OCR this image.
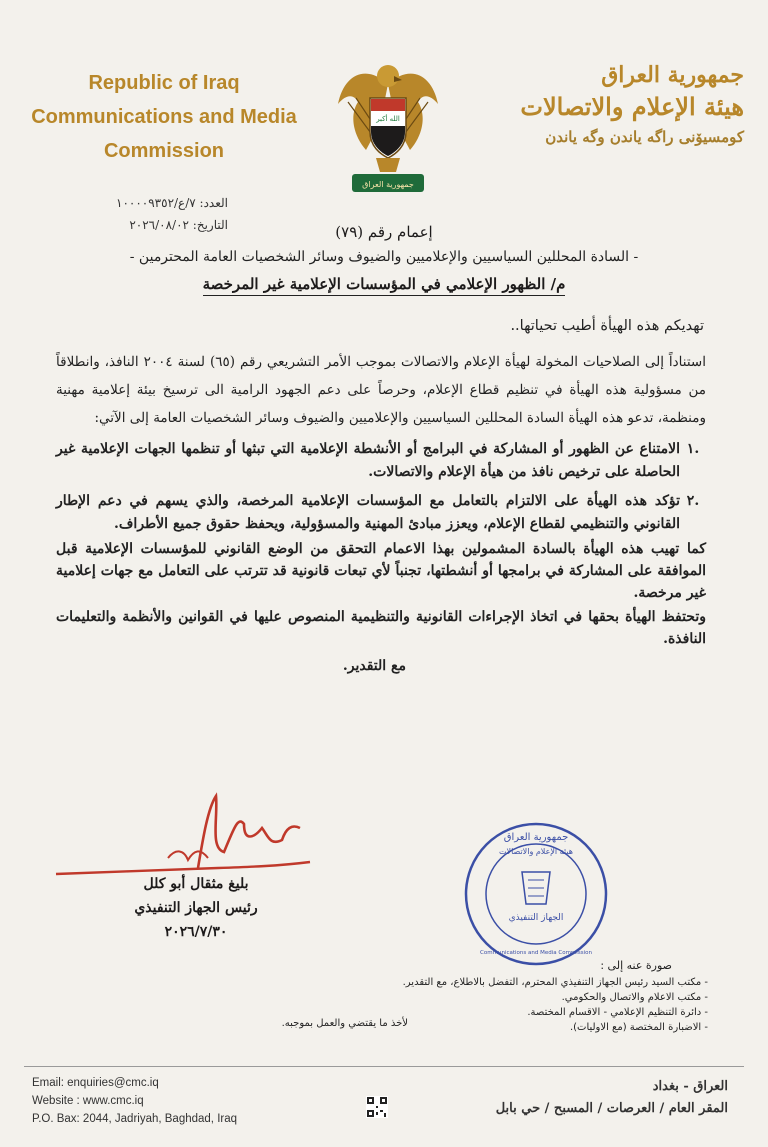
Republic of Iraq
Communications and Media
Commission
الله أكبر
جمهورية العراق
جمهورية العراق
هيئة الإعلام والاتصالات
كومسيۆنى راگه ياندن وگه ياندن
العدد: ٧/ع/١٠٠٠٠٩٣٥٢
التاريخ: ٢٠٢٦/٠٨/٠٢	إعمام رقم (٧٩)
- السادة المحللين السياسيين والإعلاميين والضيوف وسائر الشخصيات العامة المحترمين -
م/ الظهور الإعلامي في المؤسسات الإعلامية غير المرخصة
تهديكم هذه الهيأة أطيب تحياتها..
استناداً إلى الصلاحيات المخولة لهيأة الإعلام والاتصالات بموجب الأمر التشريعي رقم (٦٥) لسنة ٢٠٠٤ النافذ، وانطلاقاً من مسؤولية هذه الهيأة في تنظيم قطاع الإعلام، وحرصاً على دعم الجهود الرامية الى ترسيخ بيئة إعلامية مهنية ومنظمة، تدعو هذه الهيأة السادة المحللين السياسيين والإعلاميين والضيوف وسائر الشخصيات العامة إلى الآتي:
.١
الامتناع عن الظهور أو المشاركة في البرامج أو الأنشطة الإعلامية التي تبثها أو تنظمها الجهات الإعلامية غير الحاصلة على ترخيص نافذ من هيأة الإعلام والاتصالات.
.٢
تؤكد هذه الهيأة على الالتزام بالتعامل مع المؤسسات الإعلامية المرخصة، والذي يسهم في دعم الإطار القانوني والتنظيمي لقطاع الإعلام، ويعزز مبادئ المهنية والمسؤولية، ويحفظ حقوق جميع الأطراف.
كما تهيب هذه الهيأة بالسادة المشمولين بهذا الاعمام التحقق من الوضع القانوني للمؤسسات الإعلامية قبل الموافقة على المشاركة في برامجها أو أنشطتها، تجنباً لأي تبعات قانونية قد تترتب على التعامل مع جهات إعلامية غير مرخصة.
وتحتفظ الهيأة بحقها في اتخاذ الإجراءات القانونية والتنظيمية المنصوص عليها في القوانين والأنظمة والتعليمات النافذة.
مع التقدير.
بليغ مثقال أبو كلل
رئيس الجهاز التنفيذي
٢٠٢٦/٧/٣٠
جمهورية العراق
هيئة الإعلام والاتصالات
الجهاز التنفيذي
Communications and Media Commission
صورة عنه إلى :
- مكتب السيد رئيس الجهاز التنفيذي المحترم، التفضل بالاطلاع، مع التقدير.
- مكتب الاعلام والاتصال والحكومي.
- دائرة التنظيم الإعلامي - الاقسام المختصة.
- الاضبارة المختصة (مع الاوليات).
لأخذ ما يقتضي والعمل بموجبه.
Email: enquiries@cmc.iq
Website : www.cmc.iq
P.O. Bax: 2044, Jadriyah, Baghdad, Iraq
العراق - بغداد
المقر العام / العرصات / المسبح / حي بابل
